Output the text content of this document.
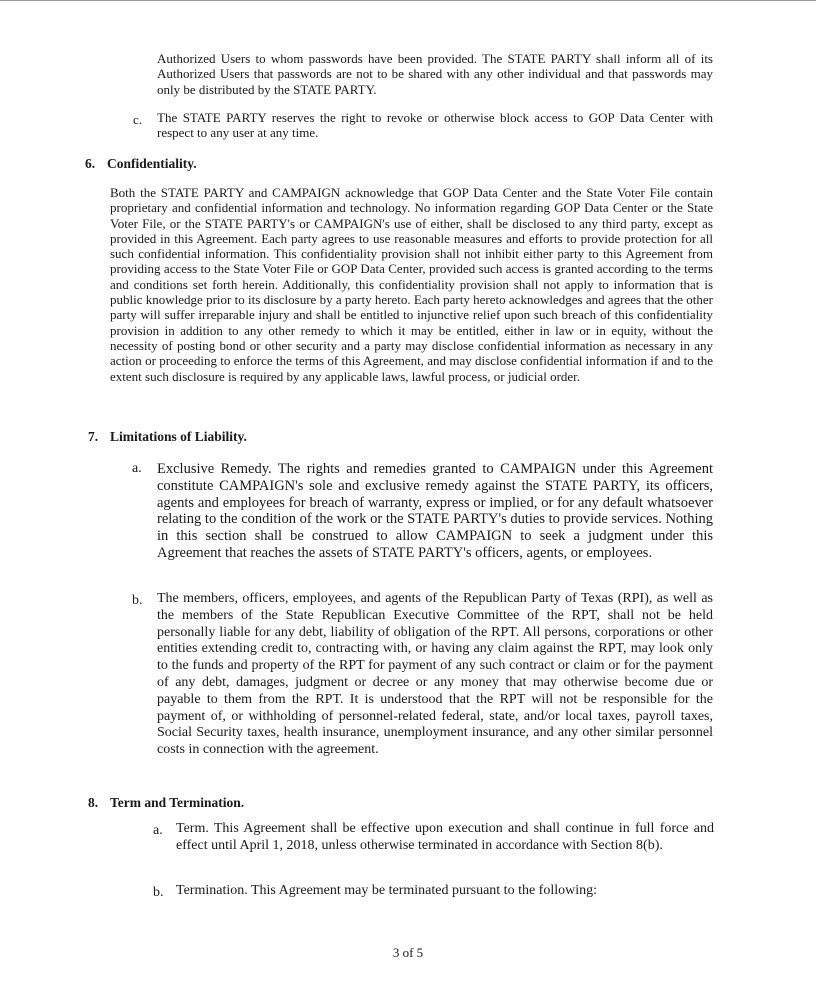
Authorized Users to whom passwords have been provided. The STATE PARTY shall inform all of its Authorized Users that passwords are not to be shared with any other individual and that passwords may only be distributed by the STATE PARTY.

c. The STATE PARTY reserves the right to revoke or otherwise block access to GOP Data Center with respect to any user at any time.

6. Confidentiality.

Both the STATE PARTY and CAMPAIGN acknowledge that GOP Data Center and the State Voter File contain proprietary and confidential information and technology. No information regarding GOP Data Center or the State Voter File, or the STATE PARTY's or CAMPAIGN's use of either, shall be disclosed to any third party, except as provided in this Agreement. Each party agrees to use reasonable measures and efforts to provide protection for all such confidential information. This confidentiality provision shall not inhibit either party to this Agreement from providing access to the State Voter File or GOP Data Center, provided such access is granted according to the terms and conditions set forth herein. Additionally, this confidentiality provision shall not apply to information that is public knowledge prior to its disclosure by a party hereto. Each party hereto acknowledges and agrees that the other party will suffer irreparable injury and shall be entitled to injunctive relief upon such breach of this confidentiality provision in addition to any other remedy to which it may be entitled, either in law or in equity, without the necessity of posting bond or other security and a party may disclose confidential information as necessary in any action or proceeding to enforce the terms of this Agreement, and may disclose confidential information if and to the extent such disclosure is required by any applicable laws, lawful process, or judicial order.

7. Limitations of Liability.

a. Exclusive Remedy. The rights and remedies granted to CAMPAIGN under this Agreement constitute CAMPAIGN's sole and exclusive remedy against the STATE PARTY, its officers, agents and employees for breach of warranty, express or implied, or for any default whatsoever relating to the condition of the work or the STATE PARTY's duties to provide services. Nothing in this section shall be construed to allow CAMPAIGN to seek a judgment under this Agreement that reaches the assets of STATE PARTY's officers, agents, or employees.

b. The members, officers, employees, and agents of the Republican Party of Texas (RPI), as well as the members of the State Republican Executive Committee of the RPT, shall not be held personally liable for any debt, liability of obligation of the RPT. All persons, corporations or other entities extending credit to, contracting with, or having any claim against the RPT, may look only to the funds and property of the RPT for payment of any such contract or claim or for the payment of any debt, damages, judgment or decree or any money that may otherwise become due or payable to them from the RPT. It is understood that the RPT will not be responsible for the payment of, or withholding of personnel-related federal, state, and/or local taxes, payroll taxes, Social Security taxes, health insurance, unemployment insurance, and any other similar personnel costs in connection with the agreement.

8. Term and Termination.

a. Term. This Agreement shall be effective upon execution and shall continue in full force and effect until April 1, 2018, unless otherwise terminated in accordance with Section 8(b).

b. Termination. This Agreement may be terminated pursuant to the following:

3 of 5
